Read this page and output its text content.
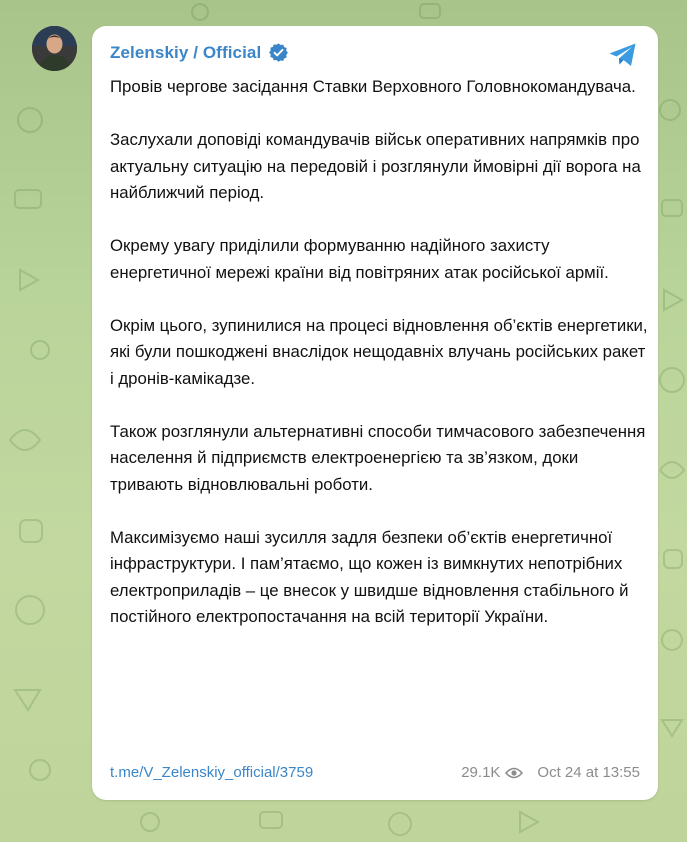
Zelenskiy / Official

Провів чергове засідання Ставки Верховного Головнокомандувача.

Заслухали доповіді командувачів військ оперативних напрямків про актуальну ситуацію на передовій і розглянули ймовірні дії ворога на найближчий період.

Окрему увагу приділили формуванню надійного захисту енергетичної мережі країни від повітряних атак російської армії.

Окрім цього, зупинилися на процесі відновлення об’єктів енергетики, які були пошкоджені внаслідок нещодавніх влучань російських ракет і дронів-камікадзе.

Також розглянули альтернативні способи тимчасового забезпечення населення й підприємств електроенергією та зв’язком, доки тривають відновлювальні роботи.

Максимізуємо наші зусилля задля безпеки об’єктів енергетичної інфраструктури. І пам’ятаємо, що кожен із вимкнутих непотрібних електроприладів – це внесок у швидше відновлення стабільного й постійного електропостачання на всій території України.

t.me/V_Zelenskiy_official/3759	29.1K Oct 24 at 13:55
